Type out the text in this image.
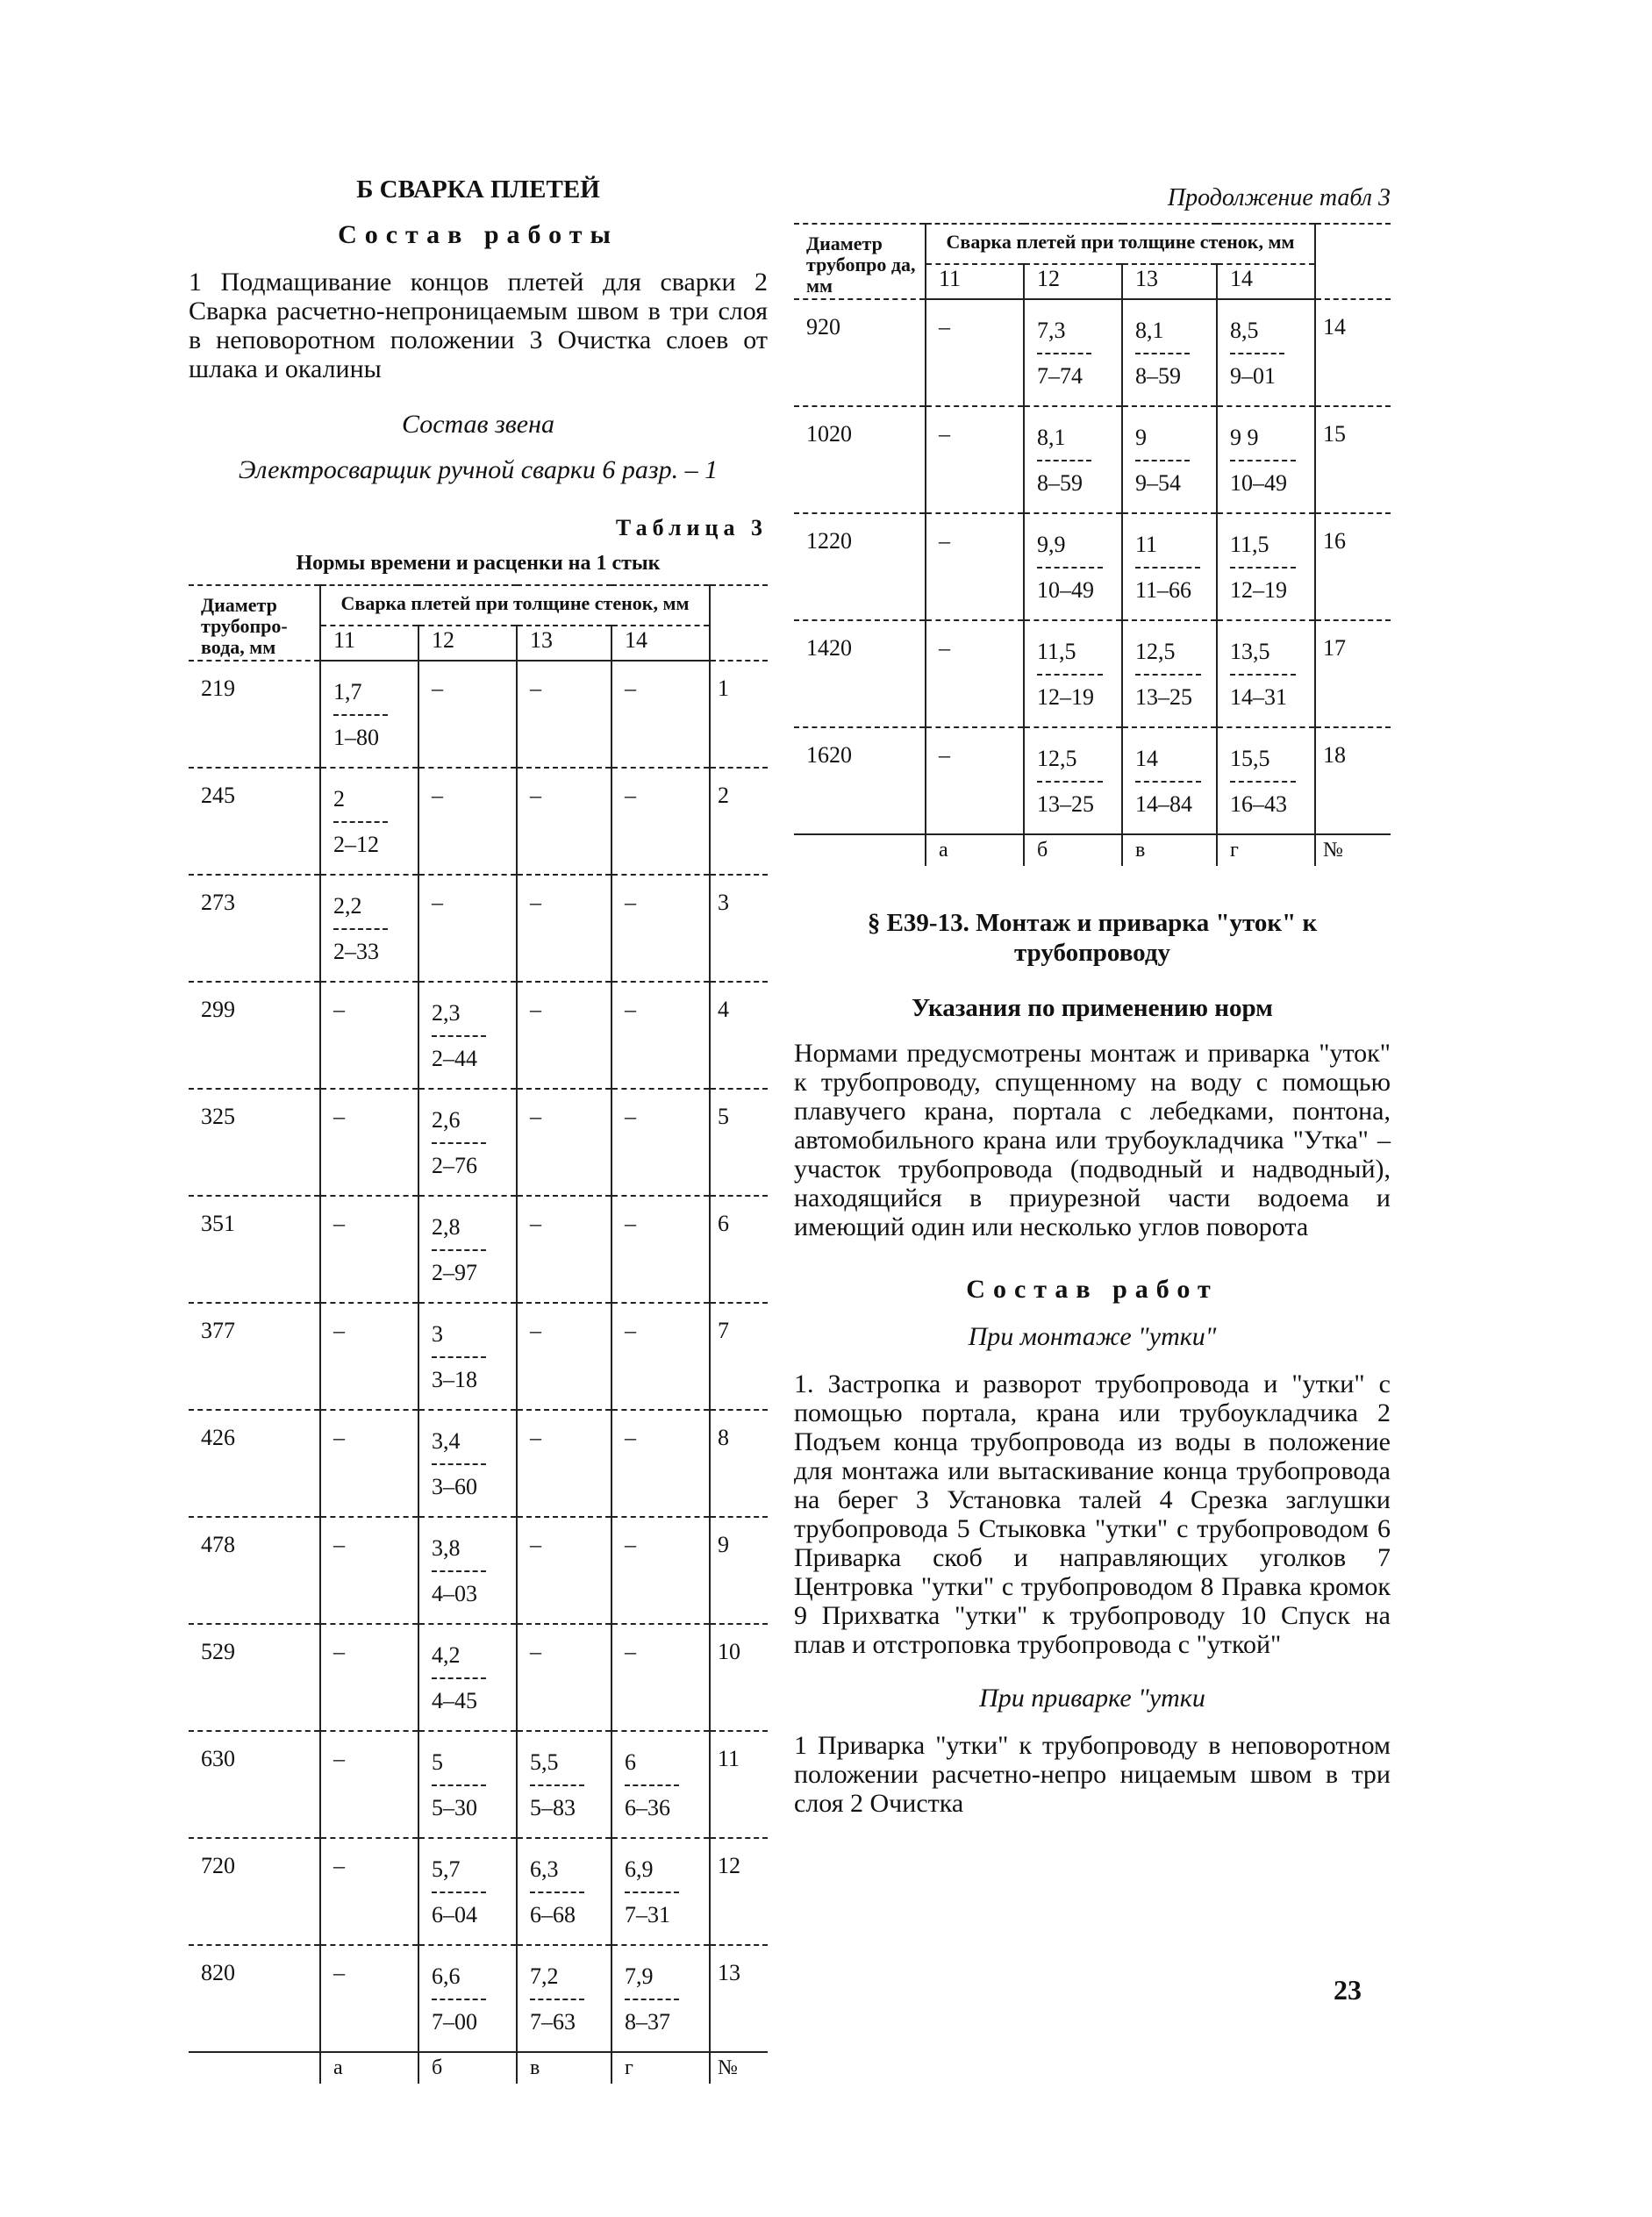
Б СВАРКА ПЛЕТЕЙ
Состав работы

1 Подмащивание концов плетей для сварки 2 Сварка расчетно-непроницаемым швом в три слоя в неповоротном положении 3 Очистка слоев от шлака и окалины

Состав звена
Электросварщик ручной сварки 6 разр. – 1
Таблица 3
Нормы времени и расценки на 1 стык
Диаметр трубопро-вода, мм	Сварка плетей при толщине стенок, мм				
	11	12	13	14	
219	$\frac{1,7}{1-80}$	–	–	–	1
245	$\frac{2}{2-12}$	–	–	–	2
273	$\frac{2,2}{2-33}$	–	–	–	3
299	–	$\frac{2,3}{2-44}$	–	–	4
325	–	$\frac{2,6}{2-76}$	–	–	5
351	–	$\frac{2,8}{2-97}$	–	–	6
377	–	$\frac{3}{3-18}$	–	–	7
426	–	$\frac{3,4}{3-60}$	–	–	8
478	–	$\frac{3,8}{4-03}$	–	–	9
529	–	$\frac{4,2}{4-45}$	–	–	10
630	–	$\frac{5}{5-30}$	$\frac{5,5}{5-83}$	$\frac{6}{6-36}$	11
720	–	$\frac{5,7}{6-04}$	$\frac{6,3}{6-68}$	$\frac{6,9}{7-31}$	12
820	–	$\frac{6,6}{7-00}$	$\frac{7,2}{7-63}$	$\frac{7,9}{8-37}$	13
	а	б	в	г	№
Продолжение табл 3
Диаметр трубопро да, мм	Сварка плетей при толщине стенок, мм				
	11	12	13	14	
920	–	$\frac{7,3}{7-74}$	$\frac{8,1}{8-59}$	$\frac{8,5}{9-01}$	14
1020	–	$\frac{8,1}{8-59}$	$\frac{9}{9-54}$	$\frac{9 9}{10-49}$	15
1220	–	$\frac{9,9}{10-49}$	$\frac{11}{11-66}$	$\frac{11,5}{12-19}$	16
1420	–	$\frac{11,5}{12-19}$	$\frac{12,5}{13-25}$	$\frac{13,5}{14-31}$	17
1620	–	$\frac{12,5}{13-25}$	$\frac{14}{14-84}$	$\frac{15,5}{16-43}$	18
	а	б	в	г	№
§ Е39-13. Монтаж и приварка "уток" к трубопроводу
Указания по применению норм

Нормами предусмотрены монтаж и приварка "уток" к трубопроводу, спущенному на воду с помощью плавучего крана, портала с лебедками, понтона, автомобильного крана или трубоукладчика "Утка" – участок трубопровода (подводный и надводный), находящийся в приурезной части водоема и имеющий один или несколько углов поворота

Состав работ
При монтаже "утки"

1. Застропка и разворот трубопровода и "утки" с помощью портала, крана или трубоукладчика 2 Подъем конца трубопровода из воды в положение для монтажа или вытаскивание конца трубопровода на берег 3 Установка талей 4 Срезка заглушки трубопровода 5 Стыковка "утки" с трубопроводом 6 Приварка скоб и направляющих уголков 7 Центровка "утки" с трубопроводом 8 Правка кромок 9 Прихватка "утки" к трубопроводу 10 Спуск на плав и отстроповка трубопровода с "уткой"

При приварке "утки

1 Приварка "утки" к трубопроводу в неповоротном положении расчетно-непро ницаемым швом в три слоя 2 Очистка

23
